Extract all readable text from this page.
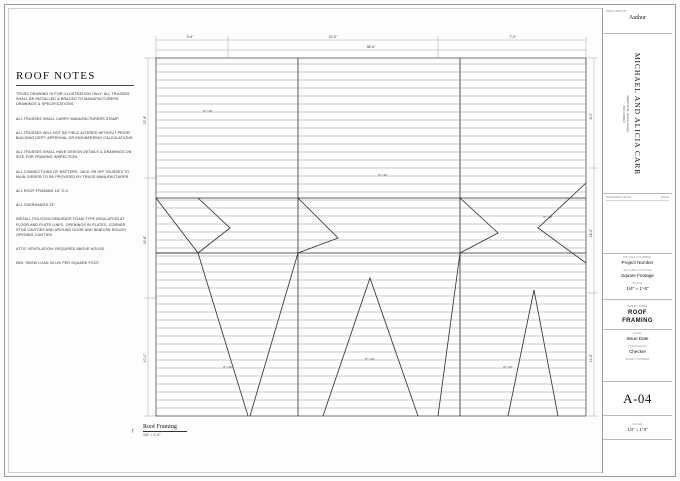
ROOF NOTES
TRUSS DRAWING IS FOR ILLUSTRATION ONLY. ALL TRUSSES SHALL BE INSTALLED & BRACED TO MANUFACTURERS DRAWINGS & SPECIFICATIONS.
ALL TRUSSES SHALL CARRY MANUFACTURERS STAMP.
ALL TRUSSES WILL NOT BE FIELD ALTERED WITHOUT PRIOR BUILDING DEPT. APPROVAL OR ENGINEERING CALCULATIONS.
ALL TRUSSES SHALL HAVE DESIGN DETAILS & DRAWINGS ON SITE FOR FRAMING INSPECTION.
ALL CONNECTIONS OF RAFTERS, JACK OR HIP TRUSSES TO MAIN GIRDER TO BE PROVIDED BY TRUSS MANUFACTURER.
ALL ROOF FRAMING 16" O.C.
ALL OVERHANGS 24".
INSTALL POLYISOCYANURATE FOAM TYPE INSULATION AT FLOOR AND PLATE LINES, OPENINGS IN PLATES, CORNER STUD CAVITIES AND AROUND DOOR AND WINDOW ROUGH OPENING CAVITIES.
ATTIC VENTILATION: REQUIRED ABOVE HOUSE.
MIN. SNOW LOAD 30 LB\ PER SQUARE FOOT.
9'-6"	22'-0"	7'-0"
38'-6"
12'-4"
16'-8"
10'-0"
8'-0"
18'-2"
11'-6"
6" / 12"
6" / 12"
6" / 12"
6" / 12"
6" / 12"
6" / 12"
↑
Roof Framing
1/4" = 1'-0"
DESIGNED BY
Author
MICHAEL AND ALICIA CARR
Danella Road, Jackson Georgia,
30233-000000
ISSUE/REVISION	DATE
PROJECT NUMBER
Project Number
SQUARE FOOTAGE
Square Footage
SCALE
1/4" = 1'-0"
SHEET NAME
ROOF
FRAMING
DATE
Issue Date
CHECKED BY
Checker
SHEET NUMBER
A-04
SCALE
1/4" = 1'-0"
